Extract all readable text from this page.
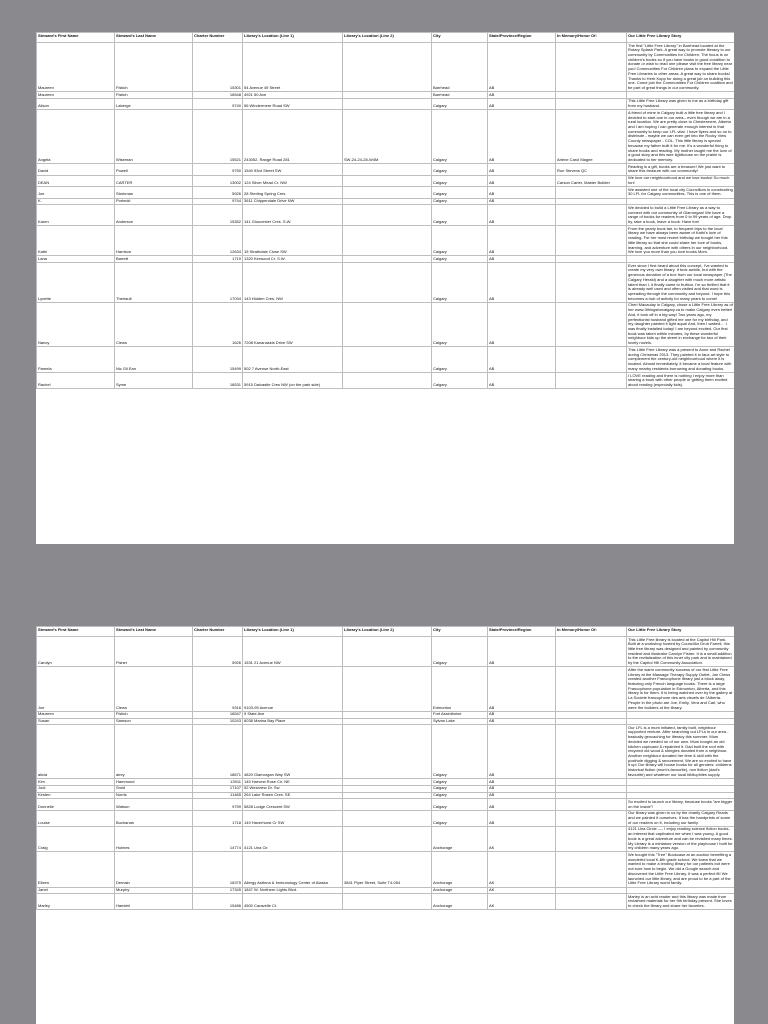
Steward's First Name	Steward's Last Name	Charter Number	Library's Location (Line 1)	Library's Location (Line 2)	City	State/Province/Region	In Memory/Honor Of:	Our Little Free Library Story
Maureen	Fistich	15301	54 Avenue 49 Street		Barrhead	AB		The first "Little Free Library" in Barrhead located at the Rotary Splash Park. A great way to promote literacy to our community by Communities for Children. The focus is on children's books so if you have books in good condition to donate or wish to read one please visit the free library near you! Communities For Children plans to expand the Little Free Libraries to other areas. A great way to share books! Thanks to Herb Kopp for doing a great job on building this one. Come join the Communities For Children coalition and be part of great things in our community.
Maureen	Fistich	16548	4921 50 Ave		Barrhead	AB		
Alison	Laberge	9740	56 Windermere Road SW		Calgary	AB		This Little Free Library was given to me as a birthday gift from my husband.
Angela	Wiseman	15521	243052, Range Road 281	SW-24-24-28-W4M	Calgary	AB	Arlene Carol Magee	A friend of mine in Calgary built a little free library and I decided to start one in our area-- even though we are in a rural location. We are pretty close to Chestermere, Alberta and I am hoping I can generate enough interest in that community to keep our LFL vital. I have flyers and so on to distribute - maybe we can even get into the Rocky View County newspaper - COL. This little library is special because my father built it for me. It's a wonderful thing to share books and reading. My mother taught me the love of a good story and this wee lighthouse on the prairie is dedicated to her memory.
David	Powell	9750	1540 93rd Street SW		Calgary	AB	Ron Stevens QC	Reading is a gift, books are a treasure! We just want to share this treasure with our community!
DEAN	CARTER	13002	124 Silver Mead Cr. NW		Calgary	AB	Carson Carter, Master Builder	We love our neighbourhood and we love books! So much fun!
Joe	Storkman	5926	28 Sterling Spring Cres		Calgary	AB		We assisted one of the local city Councillors in constructing 30 LFL for Calgary communities. This is one of them.
K.	Portecki	9744	3611 Chippendale Drive NW		Calgary	AB		
Karen	Anderson	15352	141 Gloucester Cres. S.W.		Calgary	AB		We decided to build a Little Free Library as a way to connect with our community of Glamorgan! We have a range of books for readers from 0 to 99 years of age. Drop by, take a book, leave a book. Have fun!
Kathi	Harrison	12634	15 Strathdale Close SW		Calgary	AB		From the yearly book fair, to frequent trips to the local library we have always been aware of Kathi's love of reading. For her most recent birthday we bought her this little library so that she could share her love of books, learning, and adventure with others in our neighborhood. We love you more than you love books Mom.
Lana	Barrett	1719	1320 Kerwood Cr. S.W.		Calgary	AB		
Lynette	Theriault	17034	143 Hidden Cres. NW		Calgary	AB		Ever since I first heard about this concept, I've wanted to create my very own library. It took awhile, but with the generous donation of a box from our local newspaper (The Calgary Herald) and a daughter with much more artistic talent than I, it finally came to fruition. I'm so thrilled that it is already well used and often visited and that word is spreading through the community and beyond. I hope this becomes a hub of activity for many years to come!
Nancy	Clews	1626	7208 Kananaskis Drive SW		Calgary	AB		Cheri Macaulay in Calgary, chose a Little Free Library as of her www.3thingsforcalgary.ca to make Calgary even better! And, it took off in a big way! Two years ago, my perfectionist husband gifted me one for my birthday, and my daughter painted it light aqua! And, then I waited.... I was finally installed today! I am beyond excited. Our first book was taken within minutes, by these wonderful neighbour kids up the street in exchange for two of their lovely novels.
Pamela	Nic Gil Ean	15499	502 7 Avenue North-East		Calgary	AB		This Little Free Library was a present to Anne and Rachel during Christmas 2013. They painted it in faux art style to complement the century-old neighbourhood where it is located. Almost immediately, it became a local feature with many nearby residents borrowing and donating books.
Rachel	Syme	18531	5915 Dalcastle Cres NW (on the park side)		Calgary	AB		I LOVE reading and there is nothing I enjoy more than sharing a book with other people or getting them excited about reading (especially kids).
Steward's First Name	Steward's Last Name	Charter Number	Library's Location (Line 1)	Library's Location (Line 2)	City	State/Province/Region	In Memory/Honor Of:	Our Little Free Library Story
Carolyn	Fisher	5926	1531 21 Avenue NW		Calgary	AB		This Little Free library is located at the Capitol Hill Park. Built at a workshop hosted by Councillor Druh Farrell, this little free library was designed and painted by community resident and illustrator Carolyn Fisher. It is a small addition to the revitalization of this inner city park and is maintained by the Capitol Hill Community Association.
Joe	Clews	9316	9103-95 Avenue		Edmonton	AB		After the warm community success of our first Little Free Library at the Massage Therapy Supply Outlet, Joe Clews created another Francophone library just a block away, featuring only French language books. There is a large Francophone population in Edmonton, Alberta, and this library is for them. It is being watched over by the gallery at La Societe francophone des arts visuels de l'Alberta. People in the photo are Joe, Emily, Vera and Carl, who were the builders of the library.
Maureen	Fistich	16547	9 State Ave		Fort Assiniboine	AB		
Susan	Samson	10243	6038 Marina Bay Place		Sylvan Lake	AB		
alicia	airey	18671	4820 Glamorgan Way SW		Calgary	AB		Our LFL is a mum initiated, family built, neighbour supported venture. After searching out LFLs in our area - basically geocaching for literacy this summer. Mum decided we needed on of our own. Mum bought an old kitchen cupboard & repainted it. Dad built the roof with recycled old wood & shingles donated from a neighbour. Another neighbour donated her time & skill with the posthole digging & securement. We are so excited to have it up! Our library will house books for all genders: childrens historical fiction (mum's favourite), non fiction (dad's favourite) and whatever our local bibliophiles supply.
Kim	Hammond	13911	145 Harvest Rose Cir. NE		Calgary	AB		
Jodi	Smid	17107	92 Westview Dr. Sw		Calgary	AB		
Kirsten	Norris	11465	264 Lake Rosen Cres. SE		Calgary	AB		
Donnelle	Watson	9759	5828 Lodge Crescent SW		Calgary	AB		So excited to launch our library, because books "are bigger on the inside"!
Louise	Buchanan	1718	149 Haverhurst Cr SW		Calgary	AB		Our library was given to us by the charity Calgary Reads and we painted it ourselves. It has the handprints of some of our readers on it, including our family.
Craig	Holmes	14774	4121 Una Cir.		Anchorage	AK		4121 Una Circle ---- I enjoy reading science fiction books, an interest that captivated me when I was young. A good book is a great adventure and can be revisited many times. My Library is a miniature version of the playhouse I built for my children many years ago.
Eileen	Demain	16375	Allergy Asthma & Immunology Center of Alaska	3841 Piper Street, Suite T4-054	Anchorage	AK		We bought this "Tree" Bookcase at an auction benefiting a wonderful local K-8th grade school. We knew that we wanted to make a lending library for our patients but were not sure how to begin. We did a Google search and discovered the Little Free Library. It was a perfect fit! We launched our little library, and are proud to be a part of the Little Free Library world family.
Janet	Murphy	17345	1847 W. Northern Lights Blvd.		Anchorage	AK		
Marley	Hamlett	15486	4500 Caravelle Ct.		Anchorage	AK		Marley is an avid reader and this library was made from reclaimed materials for her 9th birthday present. She loves to check the library and share her favorites.
